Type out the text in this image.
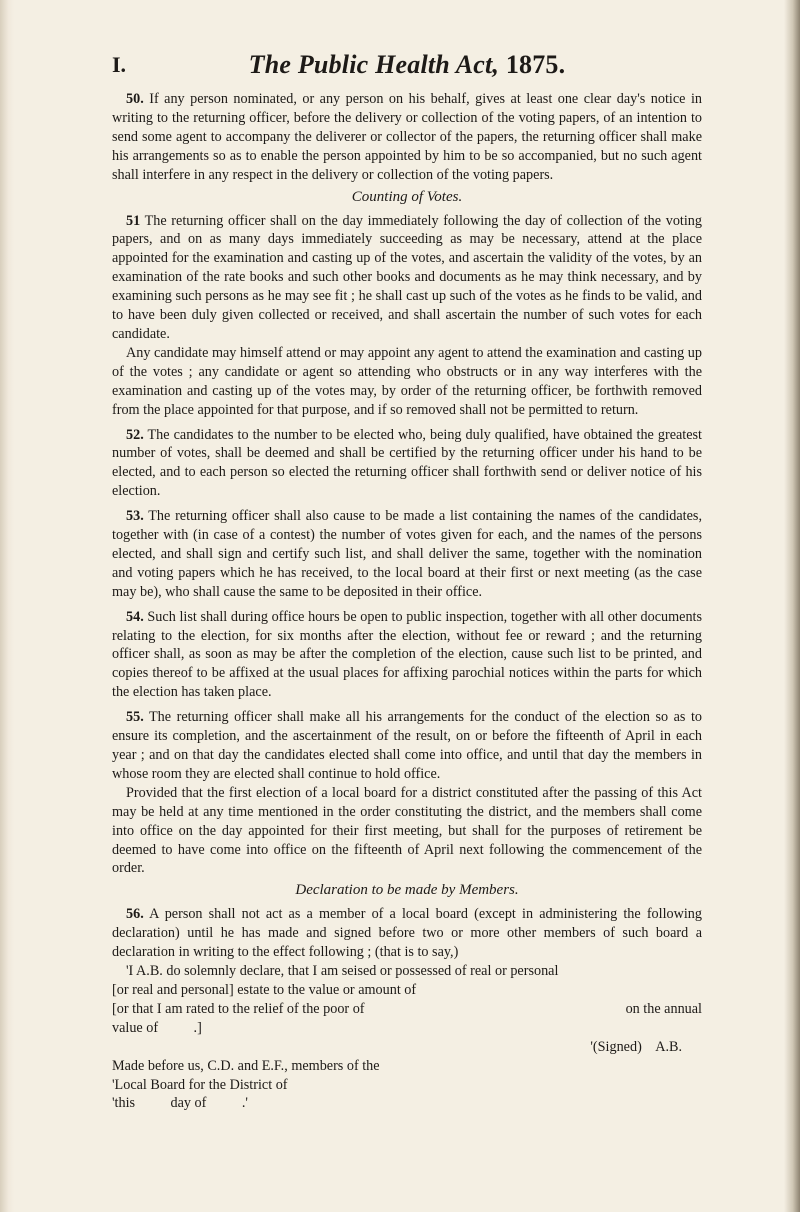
I.	The Public Health Act, 1875.

50. If any person nominated, or any person on his behalf, gives at least one clear day's notice in writing to the returning officer, before the delivery or collection of the voting papers, of an intention to send some agent to accompany the deliverer or collector of the papers, the returning officer shall make his arrangements so as to enable the person appointed by him to be so accompanied, but no such agent shall interfere in any respect in the delivery or collection of the voting papers.

Counting of Votes.

51 The returning officer shall on the day immediately following the day of collection of the voting papers, and on as many days immediately succeeding as may be necessary, attend at the place appointed for the examination and casting up of the votes, and ascertain the validity of the votes, by an examination of the rate books and such other books and documents as he may think necessary, and by examining such persons as he may see fit ; he shall cast up such of the votes as he finds to be valid, and to have been duly given collected or received, and shall ascertain the number of such votes for each candidate.

Any candidate may himself attend or may appoint any agent to attend the examination and casting up of the votes ; any candidate or agent so attending who obstructs or in any way interferes with the examination and casting up of the votes may, by order of the returning officer, be forthwith removed from the place appointed for that purpose, and if so removed shall not be permitted to return.

52. The candidates to the number to be elected who, being duly qualified, have obtained the greatest number of votes, shall be deemed and shall be certified by the returning officer under his hand to be elected, and to each person so elected the returning officer shall forthwith send or deliver notice of his election.

53. The returning officer shall also cause to be made a list containing the names of the candidates, together with (in case of a contest) the number of votes given for each, and the names of the persons elected, and shall sign and certify such list, and shall deliver the same, together with the nomination and voting papers which he has received, to the local board at their first or next meeting (as the case may be), who shall cause the same to be deposited in their office.

54. Such list shall during office hours be open to public inspection, together with all other documents relating to the election, for six months after the election, without fee or reward ; and the returning officer shall, as soon as may be after the completion of the election, cause such list to be printed, and copies thereof to be affixed at the usual places for affixing parochial notices within the parts for which the election has taken place.

55. The returning officer shall make all his arrangements for the conduct of the election so as to ensure its completion, and the ascertainment of the result, on or before the fifteenth of April in each year ; and on that day the candidates elected shall come into office, and until that day the members in whose room they are elected shall continue to hold office.

Provided that the first election of a local board for a district constituted after the passing of this Act may be held at any time mentioned in the order constituting the district, and the members shall come into office on the day appointed for their first meeting, but shall for the purposes of retirement be deemed to have come into office on the fifteenth of April next following the commencement of the order.

Declaration to be made by Members.

56. A person shall not act as a member of a local board (except in administering the following declaration) until he has made and signed before two or more other members of such board a declaration in writing to the effect following ; (that is to say,)

'I A.B. do solemnly declare, that I am seised or possessed of real or personal
[or real and personal] estate to the value or amount of
[or that I am rated to the relief of the poor of	on the annual
value of          .]
'(Signed)    A.B.
Made before us, C.D. and E.F., members of the
'Local Board for the District of
'this          day of          .'
